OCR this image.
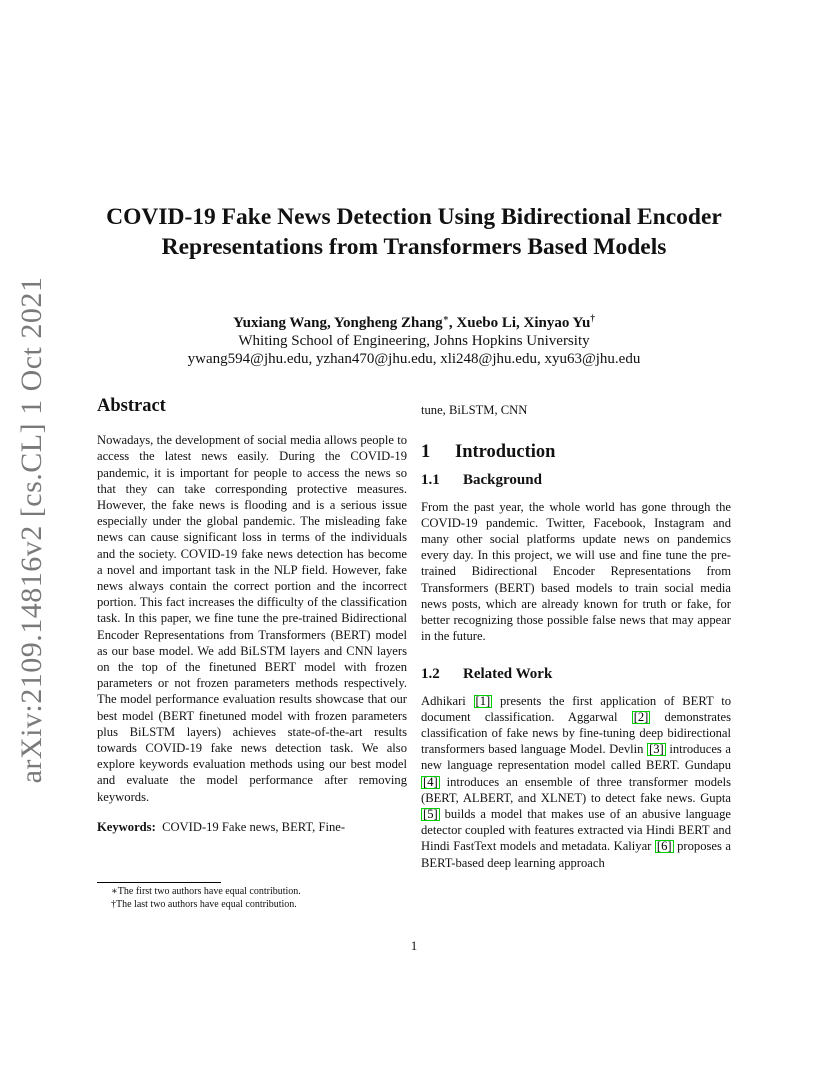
arXiv:2109.14816v2 [cs.CL] 1 Oct 2021
COVID-19 Fake News Detection Using Bidirectional Encoder Representations from Transformers Based Models
Yuxiang Wang, Yongheng Zhang∗, Xuebo Li, Xinyao Yu†
Whiting School of Engineering, Johns Hopkins University
ywang594@jhu.edu, yzhan470@jhu.edu, xli248@jhu.edu, xyu63@jhu.edu
Abstract

Nowadays, the development of social media allows people to access the latest news easily. During the COVID-19 pandemic, it is important for people to access the news so that they can take corresponding protective measures. However, the fake news is flooding and is a serious issue especially under the global pandemic. The misleading fake news can cause significant loss in terms of the individuals and the society. COVID-19 fake news detection has become a novel and important task in the NLP field. However, fake news always contain the correct portion and the incorrect portion. This fact increases the difficulty of the classification task. In this paper, we fine tune the pre-trained Bidirectional Encoder Representations from Transformers (BERT) model as our base model. We add BiLSTM layers and CNN layers on the top of the finetuned BERT model with frozen parameters or not frozen parameters methods respectively. The model performance evaluation results showcase that our best model (BERT finetuned model with frozen parameters plus BiLSTM layers) achieves state-of-the-art results towards COVID-19 fake news detection task. We also explore keywords evaluation methods using our best model and evaluate the model performance after removing keywords.

Keywords: COVID-19 Fake news, BERT, Fine-

tune, BiLSTM, CNN

1 Introduction
1.1 Background

From the past year, the whole world has gone through the COVID-19 pandemic. Twitter, Facebook, Instagram and many other social platforms update news on pandemics every day. In this project, we will use and fine tune the pre-trained Bidirectional Encoder Representations from Transformers (BERT) based models to train social media news posts, which are already known for truth or fake, for better recognizing those possible false news that may appear in the future.

1.2 Related Work

Adhikari [1] presents the first application of BERT to document classification. Aggarwal [2] demonstrates classification of fake news by fine-tuning deep bidirectional transformers based language Model. Devlin [3] introduces a new language representation model called BERT. Gundapu [4] introduces an ensemble of three transformer models (BERT, ALBERT, and XLNET) to detect fake news. Gupta [5] builds a model that makes use of an abusive language detector coupled with features extracted via Hindi BERT and Hindi FastText models and metadata. Kaliyar [6] proposes a BERT-based deep learning approach

∗The first two authors have equal contribution.

†The last two authors have equal contribution.

1
